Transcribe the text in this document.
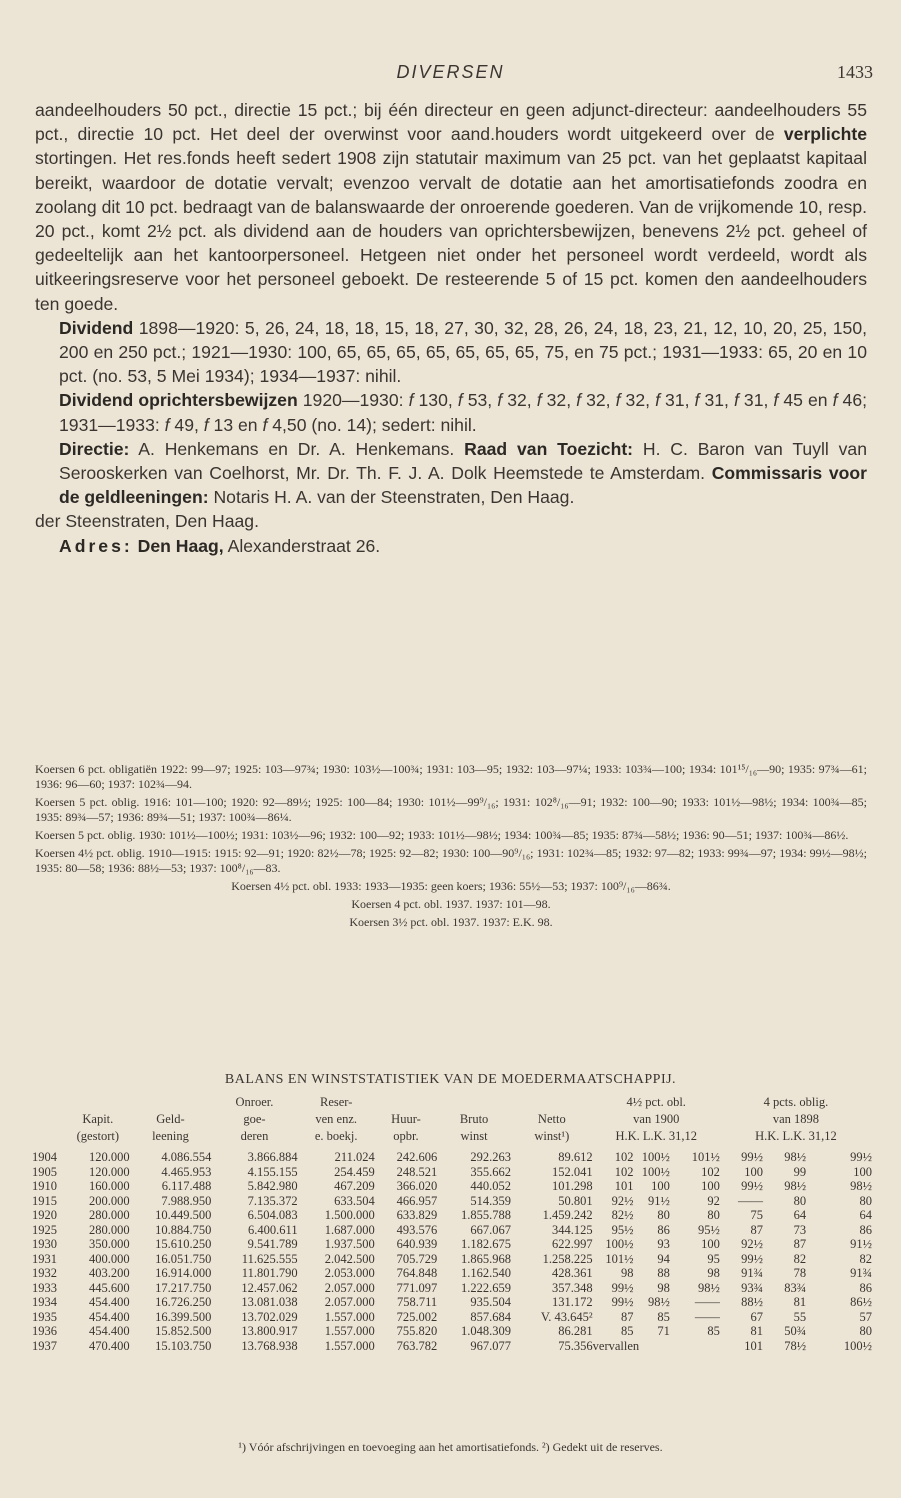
DIVERSEN	1433

aandeelhouders 50 pct., directie 15 pct.; bij één directeur en geen adjunct-directeur: aandeelhouders 55 pct., directie 10 pct. Het deel der overwinst voor aand.houders wordt uitgekeerd over de verplichte stortingen. Het res.fonds heeft sedert 1908 zijn statutair maximum van 25 pct. van het geplaatst kapitaal bereikt, waardoor de dotatie vervalt; evenzoo vervalt de dotatie aan het amortisatiefonds zoodra en zoolang dit 10 pct. bedraagt van de balanswaarde der onroerende goederen. Van de vrijkomende 10, resp. 20 pct., komt 2½ pct. als dividend aan de houders van oprichtersbewijzen, benevens 2½ pct. geheel of gedeeltelijk aan het kantoorpersoneel. Hetgeen niet onder het personeel wordt verdeeld, wordt als uitkeeringsreserve voor het personeel geboekt. De resteerende 5 of 15 pct. komen den aandeelhouders ten goede.

Dividend 1898—1920: 5, 26, 24, 18, 18, 15, 18, 27, 30, 32, 28, 26, 24, 18, 23, 21, 12, 10, 20, 25, 150, 200 en 250 pct.; 1921—1930: 100, 65, 65, 65, 65, 65, 65, 65, 75, en 75 pct.; 1931—1933: 65, 20 en 10 pct. (no. 53, 5 Mei 1934); 1934—1937: nihil.

Dividend oprichtersbewijzen 1920—1930: f 130, f 53, f 32, f 32, f 32, f 32, f 31, f 31, f 31, f 45 en f 46; 1931—1933: f 49, f 13 en f 4,50 (no. 14); sedert: nihil.

Directie: A. Henkemans en Dr. A. Henkemans. Raad van Toezicht: H. C. Baron van Tuyll van Serooskerken van Coelhorst, Mr. Dr. Th. F. J. A. Dolk Heemstede te Amsterdam. Commissaris voor de geldleeningen: Notaris H. A. van der Steenstraten, Den Haag.

der Steenstraten, Den Haag.

Adres: Den Haag, Alexanderstraat 26.

Koersen 6 pct. obligatiën 1922: 99—97; 1925: 103—97¾; 1930: 103½—100¾; 1931: 103—95; 1932: 103—97¼; 1933: 103¾—100; 1934: 101¹⁵/₁₆—90; 1935: 97¾—61; 1936: 96—60; 1937: 102¾—94.

Koersen 5 pct. oblig. 1916: 101—100; 1920: 92—89½; 1925: 100—84; 1930: 101½—99⁹/₁₆; 1931: 102⁸/₁₆—91; 1932: 100—90; 1933: 101½—98½; 1934: 100¾—85; 1935: 89¾—57; 1936: 89¾—51; 1937: 100¾—86¼.

Koersen 5 pct. oblig. 1930: 101½—100½; 1931: 103½—96; 1932: 100—92; 1933: 101½—98½; 1934: 100¾—85; 1935: 87¾—58½; 1936: 90—51; 1937: 100¾—86½.

Koersen 4½ pct. oblig. 1910—1915: 1915: 92—91; 1920: 82½—78; 1925: 92—82; 1930: 100—90⁹/₁₆; 1931: 102¾—85; 1932: 97—82; 1933: 99¾—97; 1934: 99½—98½; 1935: 80—58; 1936: 88½—53; 1937: 100⁸/₁₆—83.

Koersen 4½ pct. obl. 1933: 1933—1935: geen koers; 1936: 55½—53; 1937: 100⁹/₁₆—86¾.

Koersen 4 pct. obl. 1937. 1937: 101—98.

Koersen 3½ pct. obl. 1937. 1937: E.K. 98.

BALANS EN WINSTSTATISTIEK VAN DE MOEDERMAATSCHAPPIJ.
			Onroer.	Reser-				4½ pct. obl.			4 pcts. oblig.		
	Kapit.	Geld-	goe-	ven enz.	Huur-	Bruto	Netto	van 1900			van 1898		
	(gestort)	leening	deren	e. boekj.	opbr.	winst	winst¹)	H.K. L.K. 31,12			H.K. L.K. 31,12		

1904	120.000	4.086.554	3.866.884	211.024	242.606	292.263	89.612	102	100½	101½	99½	98½	99½
1905	120.000	4.465.953	4.155.155	254.459	248.521	355.662	152.041	102	100½	102	100	99	100
1910	160.000	6.117.488	5.842.980	467.209	366.020	440.052	101.298	101	100	100	99½	98½	98½
1915	200.000	7.988.950	7.135.372	633.504	466.957	514.359	50.801	92½	91½	92	——	80	80
1920	280.000	10.449.500	6.504.083	1.500.000	633.829	1.855.788	1.459.242	82½	80	80	75	64	64
1925	280.000	10.884.750	6.400.611	1.687.000	493.576	667.067	344.125	95½	86	95½	87	73	86
1930	350.000	15.610.250	9.541.789	1.937.500	640.939	1.182.675	622.997	100½	93	100	92½	87	91½
1931	400.000	16.051.750	11.625.555	2.042.500	705.729	1.865.968	1.258.225	101½	94	95	99½	82	82
1932	403.200	16.914.000	11.801.790	2.053.000	764.848	1.162.540	428.361	98	88	98	91¾	78	91¾
1933	445.600	17.217.750	12.457.062	2.057.000	771.097	1.222.659	357.348	99½	98	98½	93¾	83¾	86
1934	454.400	16.726.250	13.081.038	2.057.000	758.711	935.504	131.172	99½	98½	——	88½	81	86½
1935	454.400	16.399.500	13.702.029	1.557.000	725.002	857.684	V. 43.645²	87	85	——	67	55	57
1936	454.400	15.852.500	13.800.917	1.557.000	755.820	1.048.309	86.281	85	71	85	81	50¾	80
1937	470.400	15.103.750	13.768.938	1.557.000	763.782	967.077	75.356	vervallen			101	78½	100½
¹) Vóór afschrijvingen en toevoeging aan het amortisatiefonds. ²) Gedekt uit de reserves.
